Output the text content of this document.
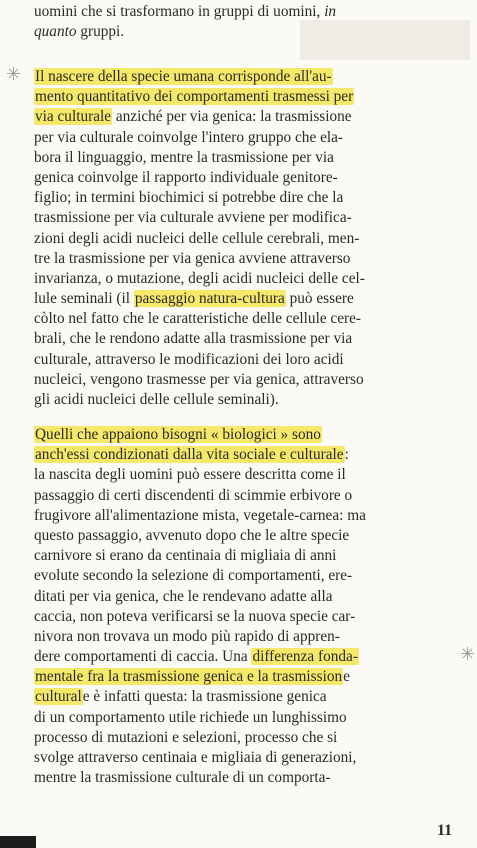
uomini che si trasformano in gruppi di uomini, in
quanto gruppi.
✳ Il nascere della specie umana corrisponde all'au-
mento quantitativo dei comportamenti trasmessi per
via culturale anziché per via genica: la trasmissione
per via culturale coinvolge l'intero gruppo che ela-
bora il linguaggio, mentre la trasmissione per via
genica coinvolge il rapporto individuale genitore-
figlio; in termini biochimici si potrebbe dire che la
trasmissione per via culturale avviene per modifica-
zioni degli acidi nucleici delle cellule cerebrali, men-
tre la trasmissione per via genica avviene attraverso
invarianza, o mutazione, degli acidi nucleici delle cel-
lule seminali (il passaggio natura-cultura può essere
còlto nel fatto che le caratteristiche delle cellule cere-
brali, che le rendono adatte alla trasmissione per via
culturale, attraverso le modificazioni dei loro acidi
nucleici, vengono trasmesse per via genica, attraverso
gli acidi nucleici delle cellule seminali).
Quelli che appaiono bisogni « biologici » sono
anch'essi condizionati dalla vita sociale e culturale:
la nascita degli uomini può essere descritta come il
passaggio di certi discendenti di scimmie erbivore o
frugivore all'alimentazione mista, vegetale-carnea: ma
questo passaggio, avvenuto dopo che le altre specie
carnivore si erano da centinaia di migliaia di anni
evolute secondo la selezione di comportamenti, ere-
ditati per via genica, che le rendevano adatte alla
caccia, non poteva verificarsi se la nuova specie car-
nivora non trovava un modo più rapido di appren-
dere comportamenti di caccia. Una differenza fonda-
mentale fra la trasmissione genica e la trasmissione
culturale è infatti questa: la trasmissione genica
di un comportamento utile richiede un lunghissimo
processo di mutazioni e selezioni, processo che si
svolge attraverso centinaia e migliaia di generazioni,
mentre la trasmissione culturale di un comporta-
✳
11
